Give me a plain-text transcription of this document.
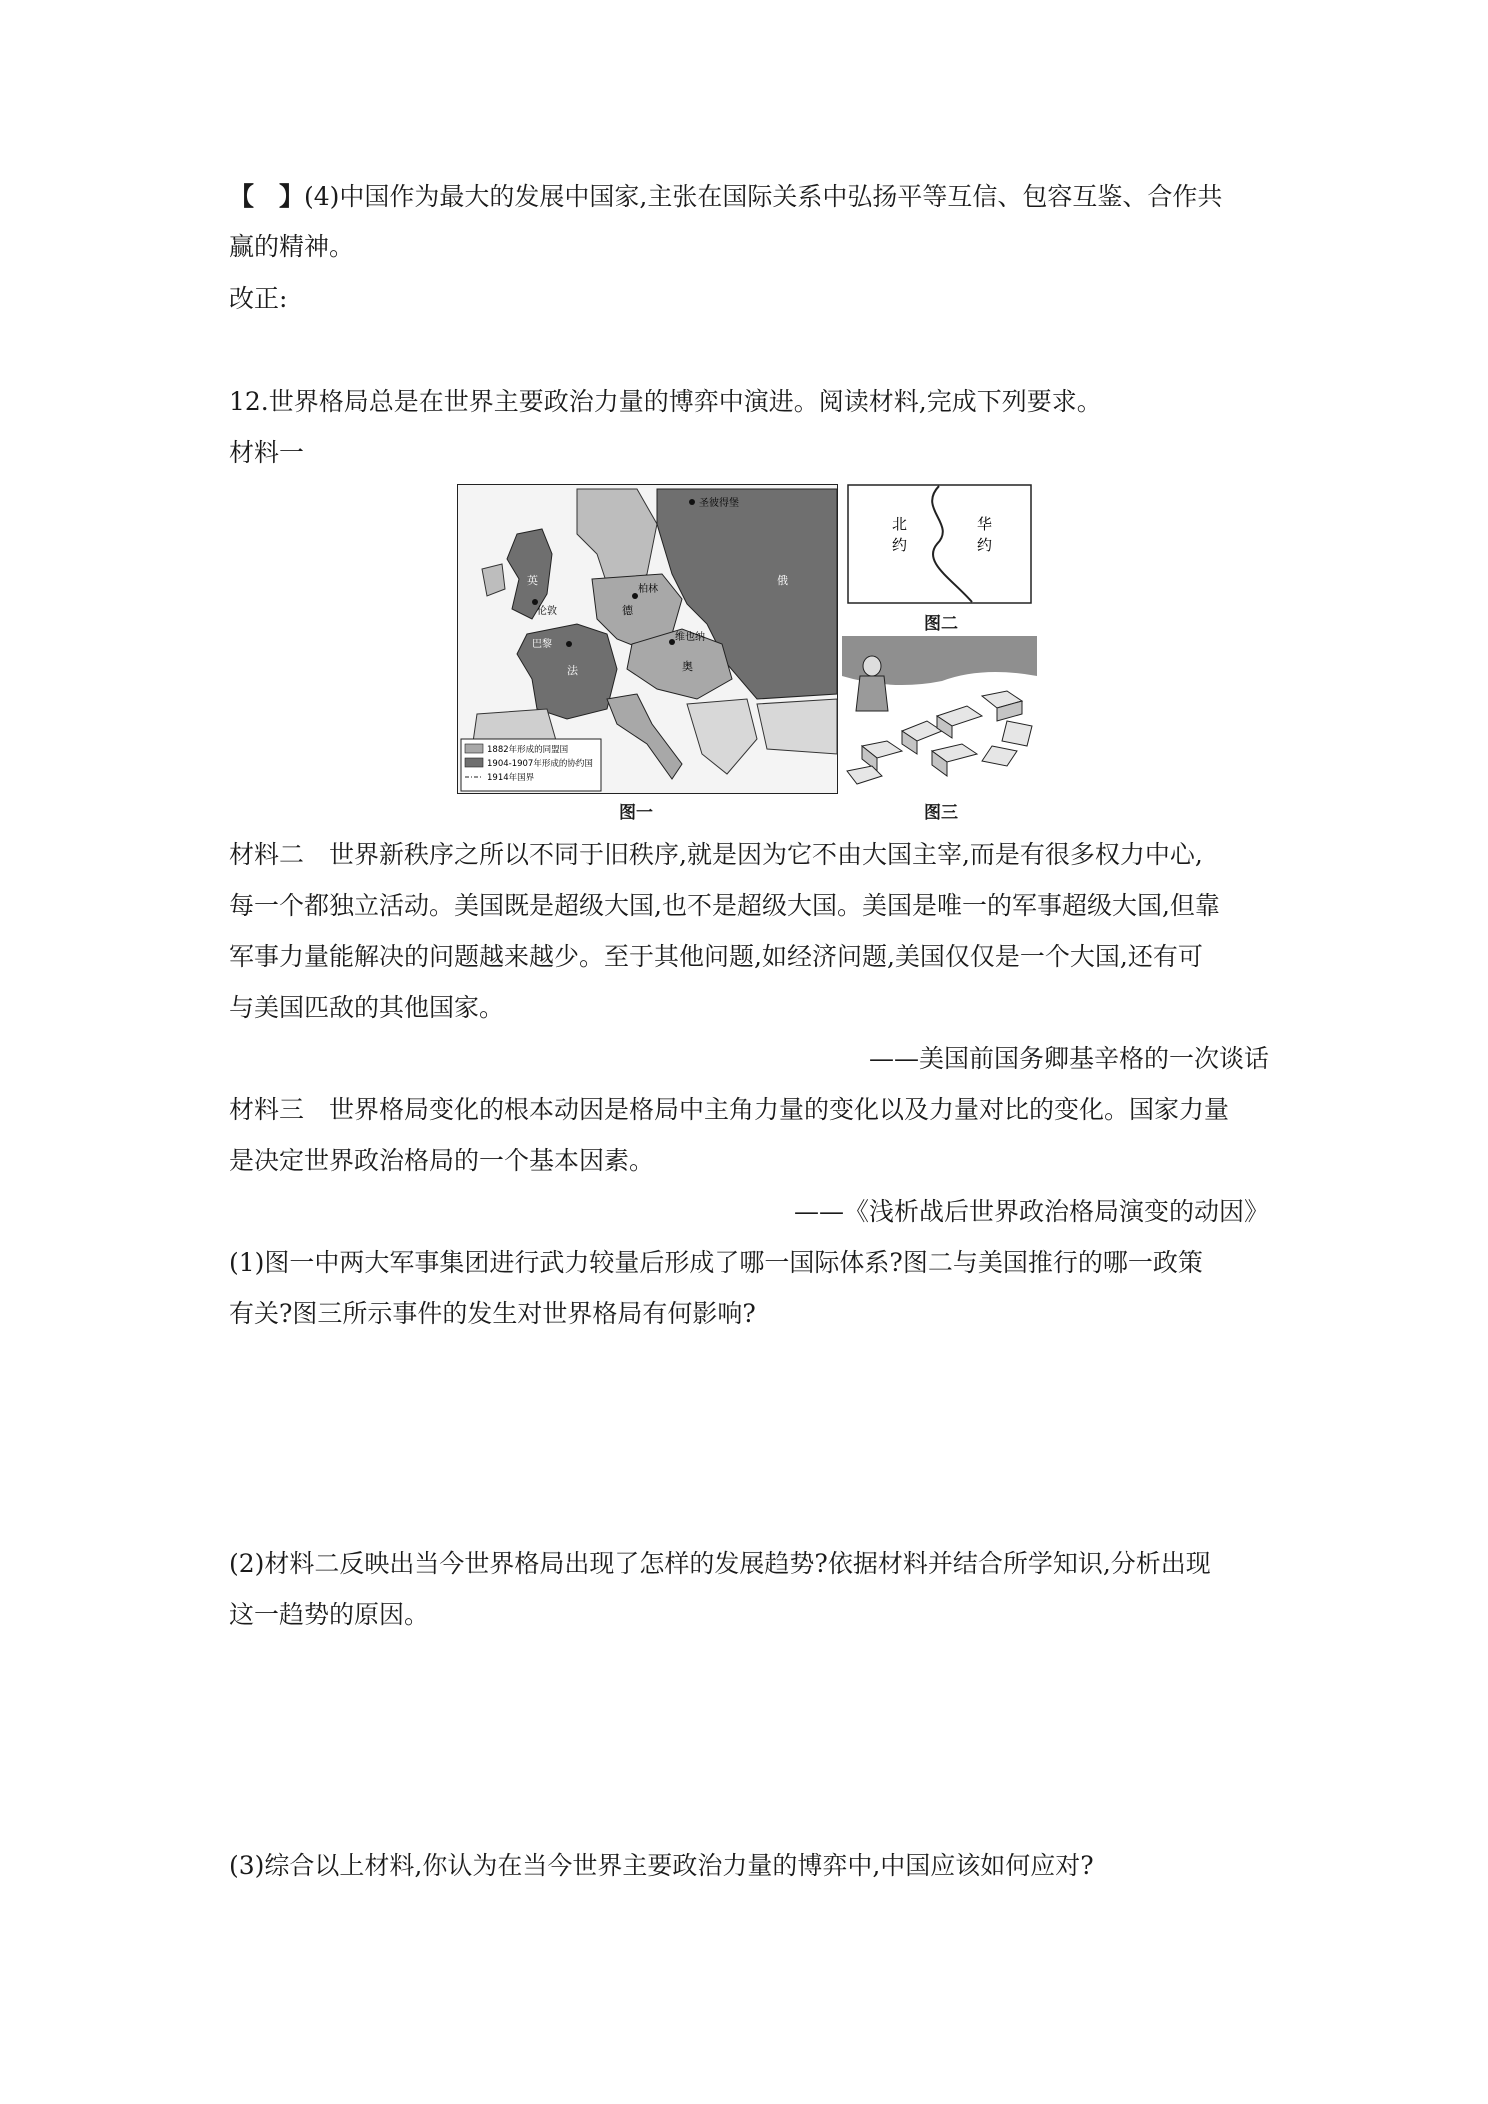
【　】(4)中国作为最大的发展中国家,主张在国际关系中弘扬平等互信、包容互鉴、合作共
赢的精神。
改正:
12.世界格局总是在世界主要政治力量的博弈中演进。阅读材料,完成下列要求。
材料一
圣彼得堡
伦敦
柏林
巴黎
维也纳
英
德
俄
法	奥
1882年形成的同盟国
1904-1907年形成的协约国
1914年国界
图一
北
约
华
约
图二
图三
材料二　世界新秩序之所以不同于旧秩序,就是因为它不由大国主宰,而是有很多权力中心,
每一个都独立活动。美国既是超级大国,也不是超级大国。美国是唯一的军事超级大国,但靠
军事力量能解决的问题越来越少。至于其他问题,如经济问题,美国仅仅是一个大国,还有可
与美国匹敌的其他国家。
——美国前国务卿基辛格的一次谈话
材料三　世界格局变化的根本动因是格局中主角力量的变化以及力量对比的变化。国家力量
是决定世界政治格局的一个基本因素。
——《浅析战后世界政治格局演变的动因》
(1)图一中两大军事集团进行武力较量后形成了哪一国际体系?图二与美国推行的哪一政策
有关?图三所示事件的发生对世界格局有何影响?
(2)材料二反映出当今世界格局出现了怎样的发展趋势?依据材料并结合所学知识,分析出现
这一趋势的原因。
(3)综合以上材料,你认为在当今世界主要政治力量的博弈中,中国应该如何应对?
